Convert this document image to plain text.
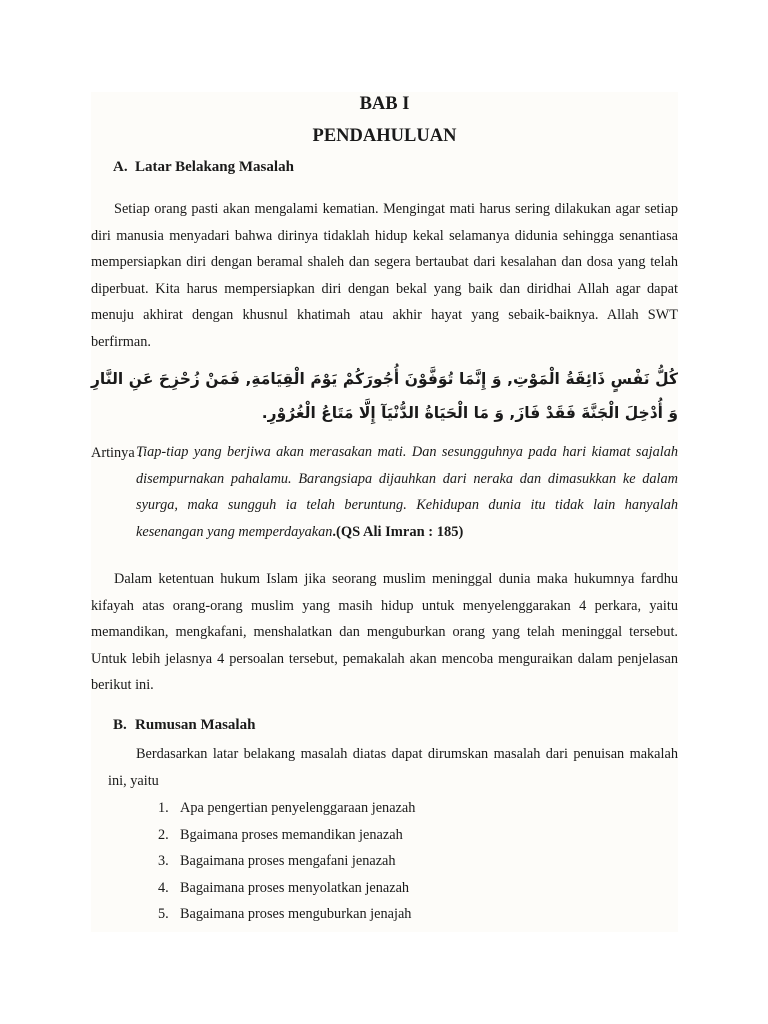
BAB I
PENDAHULUAN
A. Latar Belakang Masalah

Setiap orang pasti akan mengalami kematian. Mengingat mati harus sering dilakukan agar setiap diri manusia menyadari bahwa dirinya tidaklah hidup kekal selamanya didunia sehingga senantiasa mempersiapkan diri dengan beramal shaleh dan segera bertaubat dari kesalahan dan dosa yang telah diperbuat. Kita harus mempersiapkan diri dengan bekal yang baik dan diridhai Allah agar dapat menuju akhirat dengan khusnul khatimah atau akhir hayat yang sebaik-baiknya. Allah SWT berfirman.

كُلُّ نَفْسٍ ذَائِقَةُ الْمَوْتِ, وَ إِنَّمَا تُوَفَّوْنَ أُجُورَكُمْ يَوْمَ الْقِيَامَةِ, فَمَنْ زُحْزِحَ عَنِ النَّارِ وَ أُدْخِلَ الْجَنَّةَ فَقَدْ فَازَ, وَ مَا الْحَيَاةُ الدُّنْيَآ إِلَّا مَتَاعُ الْغُرُوْرِ.

Artinya :

Tiap-tiap yang berjiwa akan merasakan mati. Dan sesungguhnya pada hari kiamat sajalah disempurnakan pahalamu. Barangsiapa dijauhkan dari neraka dan dimasukkan ke dalam syurga, maka sungguh ia telah beruntung. Kehidupan dunia itu tidak lain hanyalah kesenangan yang memperdayakan.(QS Ali Imran : 185)

Dalam ketentuan hukum Islam jika seorang muslim meninggal dunia maka hukumnya fardhu kifayah atas orang-orang muslim yang masih hidup untuk menyelenggarakan 4 perkara, yaitu memandikan, mengkafani, menshalatkan dan menguburkan orang yang telah meninggal tersebut. Untuk lebih jelasnya 4 persoalan tersebut, pemakalah akan mencoba menguraikan dalam penjelasan berikut ini.

B. Rumusan Masalah

Berdasarkan latar belakang masalah diatas dapat dirumskan masalah dari penuisan makalah ini, yaitu

1. Apa pengertian penyelenggaraan jenazah
2. Bgaimana proses memandikan jenazah
3. Bagaimana proses mengafani jenazah
4. Bagaimana proses menyolatkan jenazah
5. Bagaimana proses menguburkan jenajah
